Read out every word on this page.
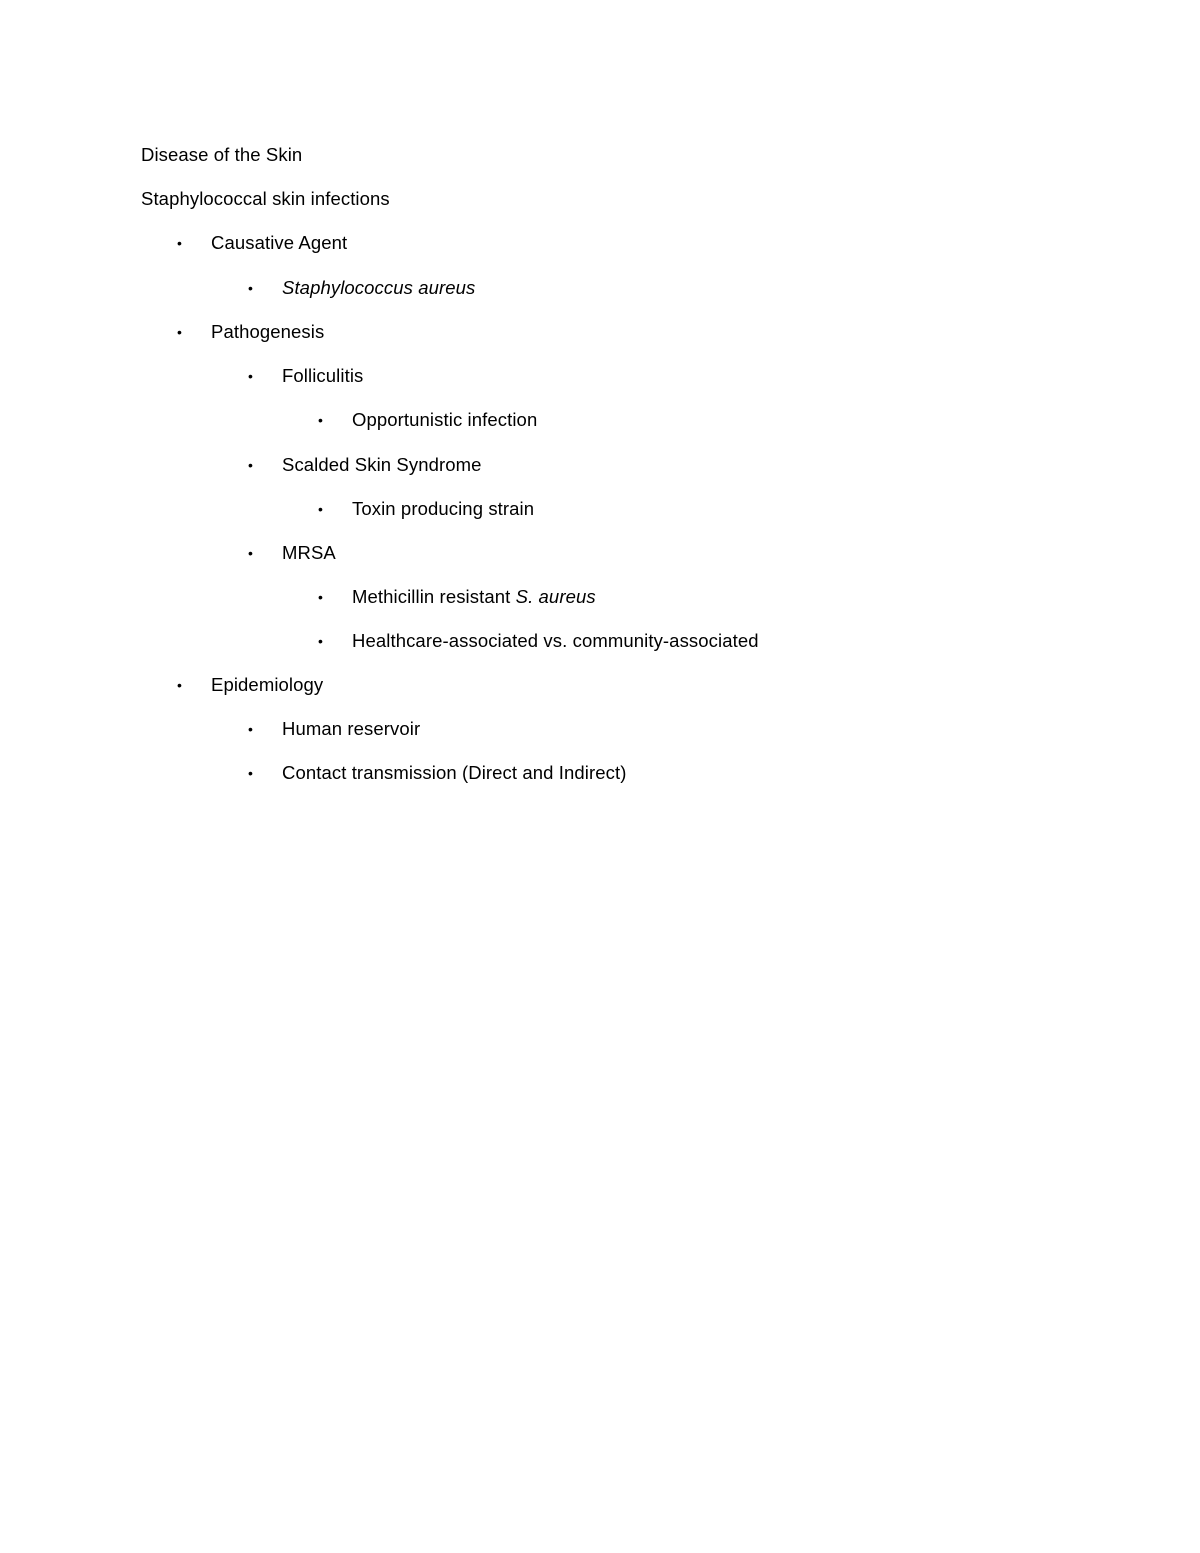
Disease of the Skin
Staphylococcal skin infections
• Causative Agent
• Staphylococcus aureus
• Pathogenesis
• Folliculitis
• Opportunistic infection
• Scalded Skin Syndrome
• Toxin producing strain
• MRSA
• Methicillin resistant S. aureus
• Healthcare-associated vs. community-associated
• Epidemiology
• Human reservoir
• Contact transmission (Direct and Indirect)
